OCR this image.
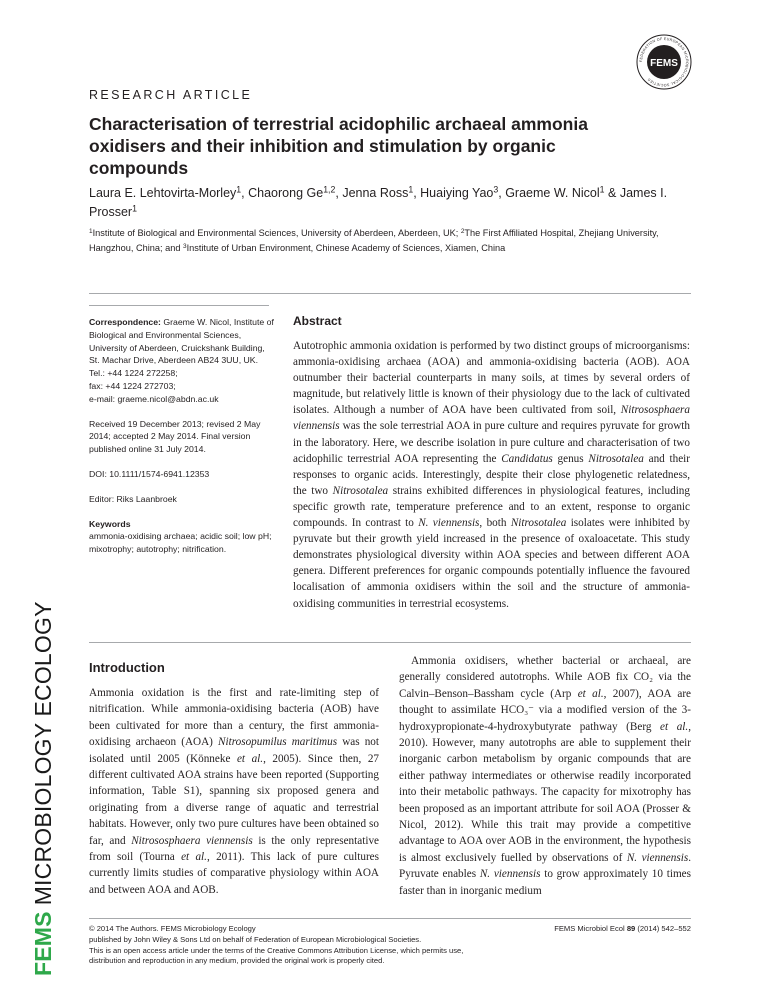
FEMSMICROBIOLOGY ECOLOGY
FEMS
FEDERATION OF EUROPEAN MICROBIOLOGICAL SOCIETIES
RESEARCH ARTICLE
Characterisation of terrestrial acidophilic archaeal ammonia oxidisers and their inhibition and stimulation by organic compounds
Laura E. Lehtovirta-Morley$^1$, Chaorong Ge$^{1,2}$, Jenna Ross$^1$, Huaiying Yao$^3$, Graeme W. Nicol$^1$ & James I. Prosser$^1$
$^1$Institute of Biological and Environmental Sciences, University of Aberdeen, Aberdeen, UK; $^2$The First Affiliated Hospital, Zhejiang University, Hangzhou, China; and $^3$Institute of Urban Environment, Chinese Academy of Sciences, Xiamen, China
Correspondence: Graeme W. Nicol, Institute of Biological and Environmental Sciences, University of Aberdeen, Cruickshank Building, St. Machar Drive, Aberdeen AB24 3UU, UK.
Tel.: +44 1224 272258;
fax: +44 1224 272703;
e-mail: graeme.nicol@abdn.ac.uk
Received 19 December 2013; revised 2 May 2014; accepted 2 May 2014. Final version published online 31 July 2014.
DOI: 10.1111/1574-6941.12353
Editor: Riks Laanbroek
Keywords
ammonia-oxidising archaea; acidic soil; low pH; mixotrophy; autotrophy; nitrification.
Abstract

Autotrophic ammonia oxidation is performed by two distinct groups of microorganisms: ammonia-oxidising archaea (AOA) and ammonia-oxidising bacteria (AOB). AOA outnumber their bacterial counterparts in many soils, at times by several orders of magnitude, but relatively little is known of their physiology due to the lack of cultivated isolates. Although a number of AOA have been cultivated from soil, Nitrososphaera viennensis was the sole terrestrial AOA in pure culture and requires pyruvate for growth in the laboratory. Here, we describe isolation in pure culture and characterisation of two acidophilic terrestrial AOA representing the Candidatus genus Nitrosotalea and their responses to organic acids. Interestingly, despite their close phylogenetic relatedness, the two Nitrosotalea strains exhibited differences in physiological features, including specific growth rate, temperature preference and to an extent, response to organic compounds. In contrast to N. viennensis, both Nitrosotalea isolates were inhibited by pyruvate but their growth yield increased in the presence of oxaloacetate. This study demonstrates physiological diversity within AOA species and between different AOA genera. Different preferences for organic compounds potentially influence the favoured localisation of ammonia oxidisers within the soil and the structure of ammonia-oxidising communities in terrestrial ecosystems.

Introduction

Ammonia oxidation is the first and rate-limiting step of nitrification. While ammonia-oxidising bacteria (AOB) have been cultivated for more than a century, the first ammonia-oxidising archaeon (AOA) Nitrosopumilus maritimus was not isolated until 2005 (Könneke et al., 2005). Since then, 27 different cultivated AOA strains have been reported (Supporting information, Table S1), spanning six proposed genera and originating from a diverse range of aquatic and terrestrial habitats. However, only two pure cultures have been obtained so far, and Nitrososphaera viennensis is the only representative from soil (Tourna et al., 2011). This lack of pure cultures currently limits studies of comparative physiology within AOA and between AOA and AOB.

Ammonia oxidisers, whether bacterial or archaeal, are generally considered autotrophs. While AOB fix CO₂ via the Calvin–Benson–Bassham cycle (Arp et al., 2007), AOA are thought to assimilate HCO₃⁻ via a modified version of the 3-hydroxypropionate-4-hydroxybutyrate pathway (Berg et al., 2010). However, many autotrophs are able to supplement their inorganic carbon metabolism by organic compounds that are either pathway intermediates or otherwise readily incorporated into their metabolic pathways. The capacity for mixotrophy has been proposed as an important attribute for soil AOA (Prosser & Nicol, 2012). While this trait may provide a competitive advantage to AOA over AOB in the environment, the hypothesis is almost exclusively fuelled by observations of N. viennensis. Pyruvate enables N. viennensis to grow approximately 10 times faster than in inorganic medium

© 2014 The Authors. FEMS Microbiology Ecology
published by John Wiley & Sons Ltd on behalf of Federation of European Microbiological Societies.
This is an open access article under the terms of the Creative Commons Attribution License, which permits use,
distribution and reproduction in any medium, provided the original work is properly cited.
FEMS Microbiol Ecol 89 (2014) 542–552
